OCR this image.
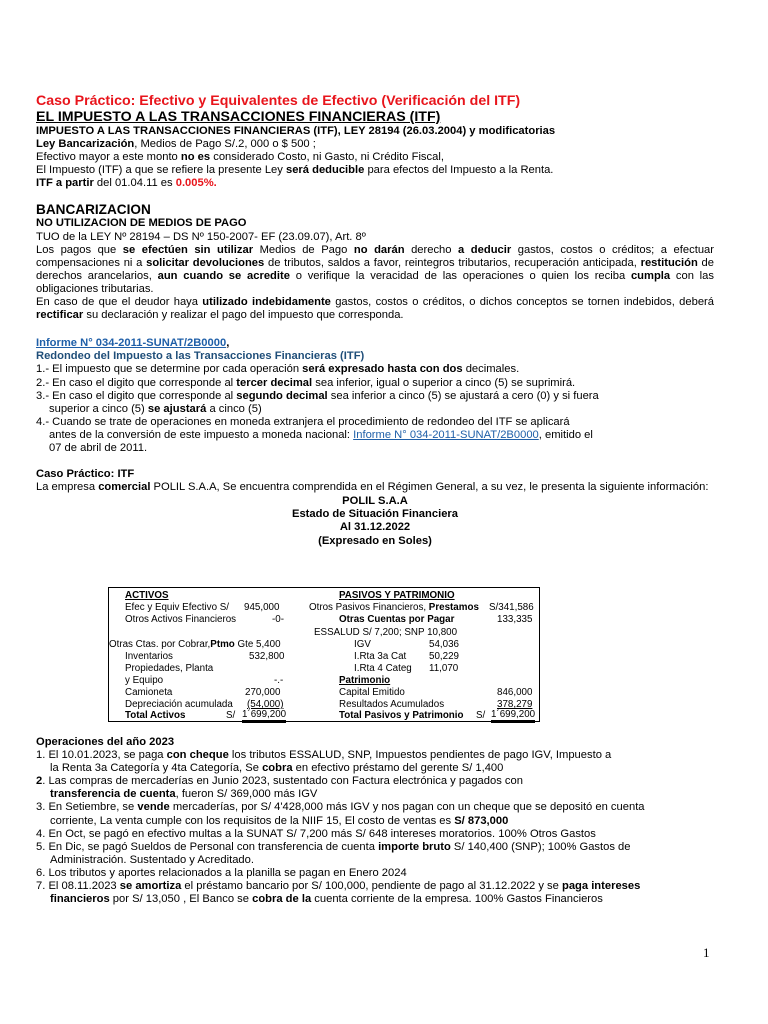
Caso Práctico: Efectivo y Equivalentes de Efectivo (Verificación del ITF)
EL IMPUESTO A LAS TRANSACCIONES FINANCIERAS (ITF)
IMPUESTO A LAS TRANSACCIONES FINANCIERAS (ITF), LEY 28194 (26.03.2004) y modificatorias
Ley Bancarización, Medios de Pago S/.2, 000 o $ 500 ;
Efectivo mayor a este monto no es considerado Costo, ni Gasto, ni Crédito Fiscal,
El Impuesto (ITF) a que se refiere la presente Ley será deducible para efectos del Impuesto a la Renta.
ITF a partir del 01.04.11 es 0.005%.
BANCARIZACION
NO UTILIZACION DE MEDIOS DE PAGO
TUO de la LEY Nº 28194 – DS Nº 150-2007- EF (23.09.07), Art. 8º
Los pagos que se efectúen sin utilizar Medios de Pago no darán derecho a deducir gastos, costos o créditos; a efectuar compensaciones ni a solicitar devoluciones de tributos, saldos a favor, reintegros tributarios, recuperación anticipada, restitución de derechos arancelarios, aun cuando se acredite o verifique la veracidad de las operaciones o quien los reciba cumpla con las obligaciones tributarias.
En caso de que el deudor haya utilizado indebidamente gastos, costos o créditos, o dichos conceptos se tornen indebidos, deberá rectificar su declaración y realizar el pago del impuesto que corresponda.
Informe N° 034-2011-SUNAT/2B0000,
Redondeo del Impuesto a las Transacciones Financieras (ITF)
1.- El impuesto que se determine por cada operación será expresado hasta con dos decimales.
2.- En caso el digito que corresponde al tercer decimal sea inferior, igual o superior a cinco (5) se suprimirá.
3.- En caso el digito que corresponde al segundo decimal sea inferior a cinco (5) se ajustará a cero (0) y si fuera
superior a cinco (5) se ajustará a cinco (5)
4.- Cuando se trate de operaciones en moneda extranjera el procedimiento de redondeo del ITF se aplicará
antes de la conversión de este impuesto a moneda nacional: Informe N° 034-2011-SUNAT/2B0000, emitido el
07 de abril de 2011.
Caso Práctico: ITF
La empresa comercial POLIL S.A.A, Se encuentra comprendida en el Régimen General, a su vez, le presenta la siguiente información:
POLIL S.A.A
Estado de Situación Financiera
Al 31.12.2022
(Expresado en Soles)
ACTIVOS	PASIVOS Y PATRIMONIO
Efec y Equiv Efectivo S/ 945,000	Otros Pasivos Financieros, Prestamos S/341,586
Otros Activos Financieros	-0-	Otras Cuentas por Pagar	133,335
ESSALUD S/ 7,200; SNP 10,800
Otras Ctas. por Cobrar,Ptmo Gte 5,400	IGV	54,036
Inventarios	532,800	I.Rta 3a Cat 50,229
Propiedades, Planta	I.Rta 4 Categ 11,070
y Equipo	-.-	Patrimonio
Camioneta	270,000	Capital Emitido	846,000
Depreciación acumulada (54,000)	Resultados Acumulados	378,279
Total Activos	S/ 1´699,200	Total Pasivos y Patrimonio S/ 1´699,200
Operaciones del año 2023
1. El 10.01.2023, se paga con cheque los tributos ESSALUD, SNP, Impuestos pendientes de pago IGV, Impuesto a
la Renta 3a Categoría y 4ta Categoría, Se cobra en efectivo préstamo del gerente S/ 1,400
2. Las compras de mercaderías en Junio 2023, sustentado con Factura electrónica y pagados con
transferencia de cuenta, fueron S/ 369,000 más IGV
3. En Setiembre, se vende mercaderías, por S/ 4'428,000 más IGV y nos pagan con un cheque que se depositó en cuenta
corriente, La venta cumple con los requisitos de la NIIF 15, El costo de ventas es S/ 873,000
4. En Oct, se pagó en efectivo multas a la SUNAT S/ 7,200 más S/ 648 intereses moratorios. 100% Otros Gastos
5. En Dic, se pagó Sueldos de Personal con transferencia de cuenta importe bruto S/ 140,400 (SNP); 100% Gastos de
Administración. Sustentado y Acreditado.
6. Los tributos y aportes relacionados a la planilla se pagan en Enero 2024
7. El 08.11.2023 se amortiza el préstamo bancario por S/ 100,000, pendiente de pago al 31.12.2022 y se paga intereses
financieros por S/ 13,050 , El Banco se cobra de la cuenta corriente de la empresa. 100% Gastos Financieros
1
